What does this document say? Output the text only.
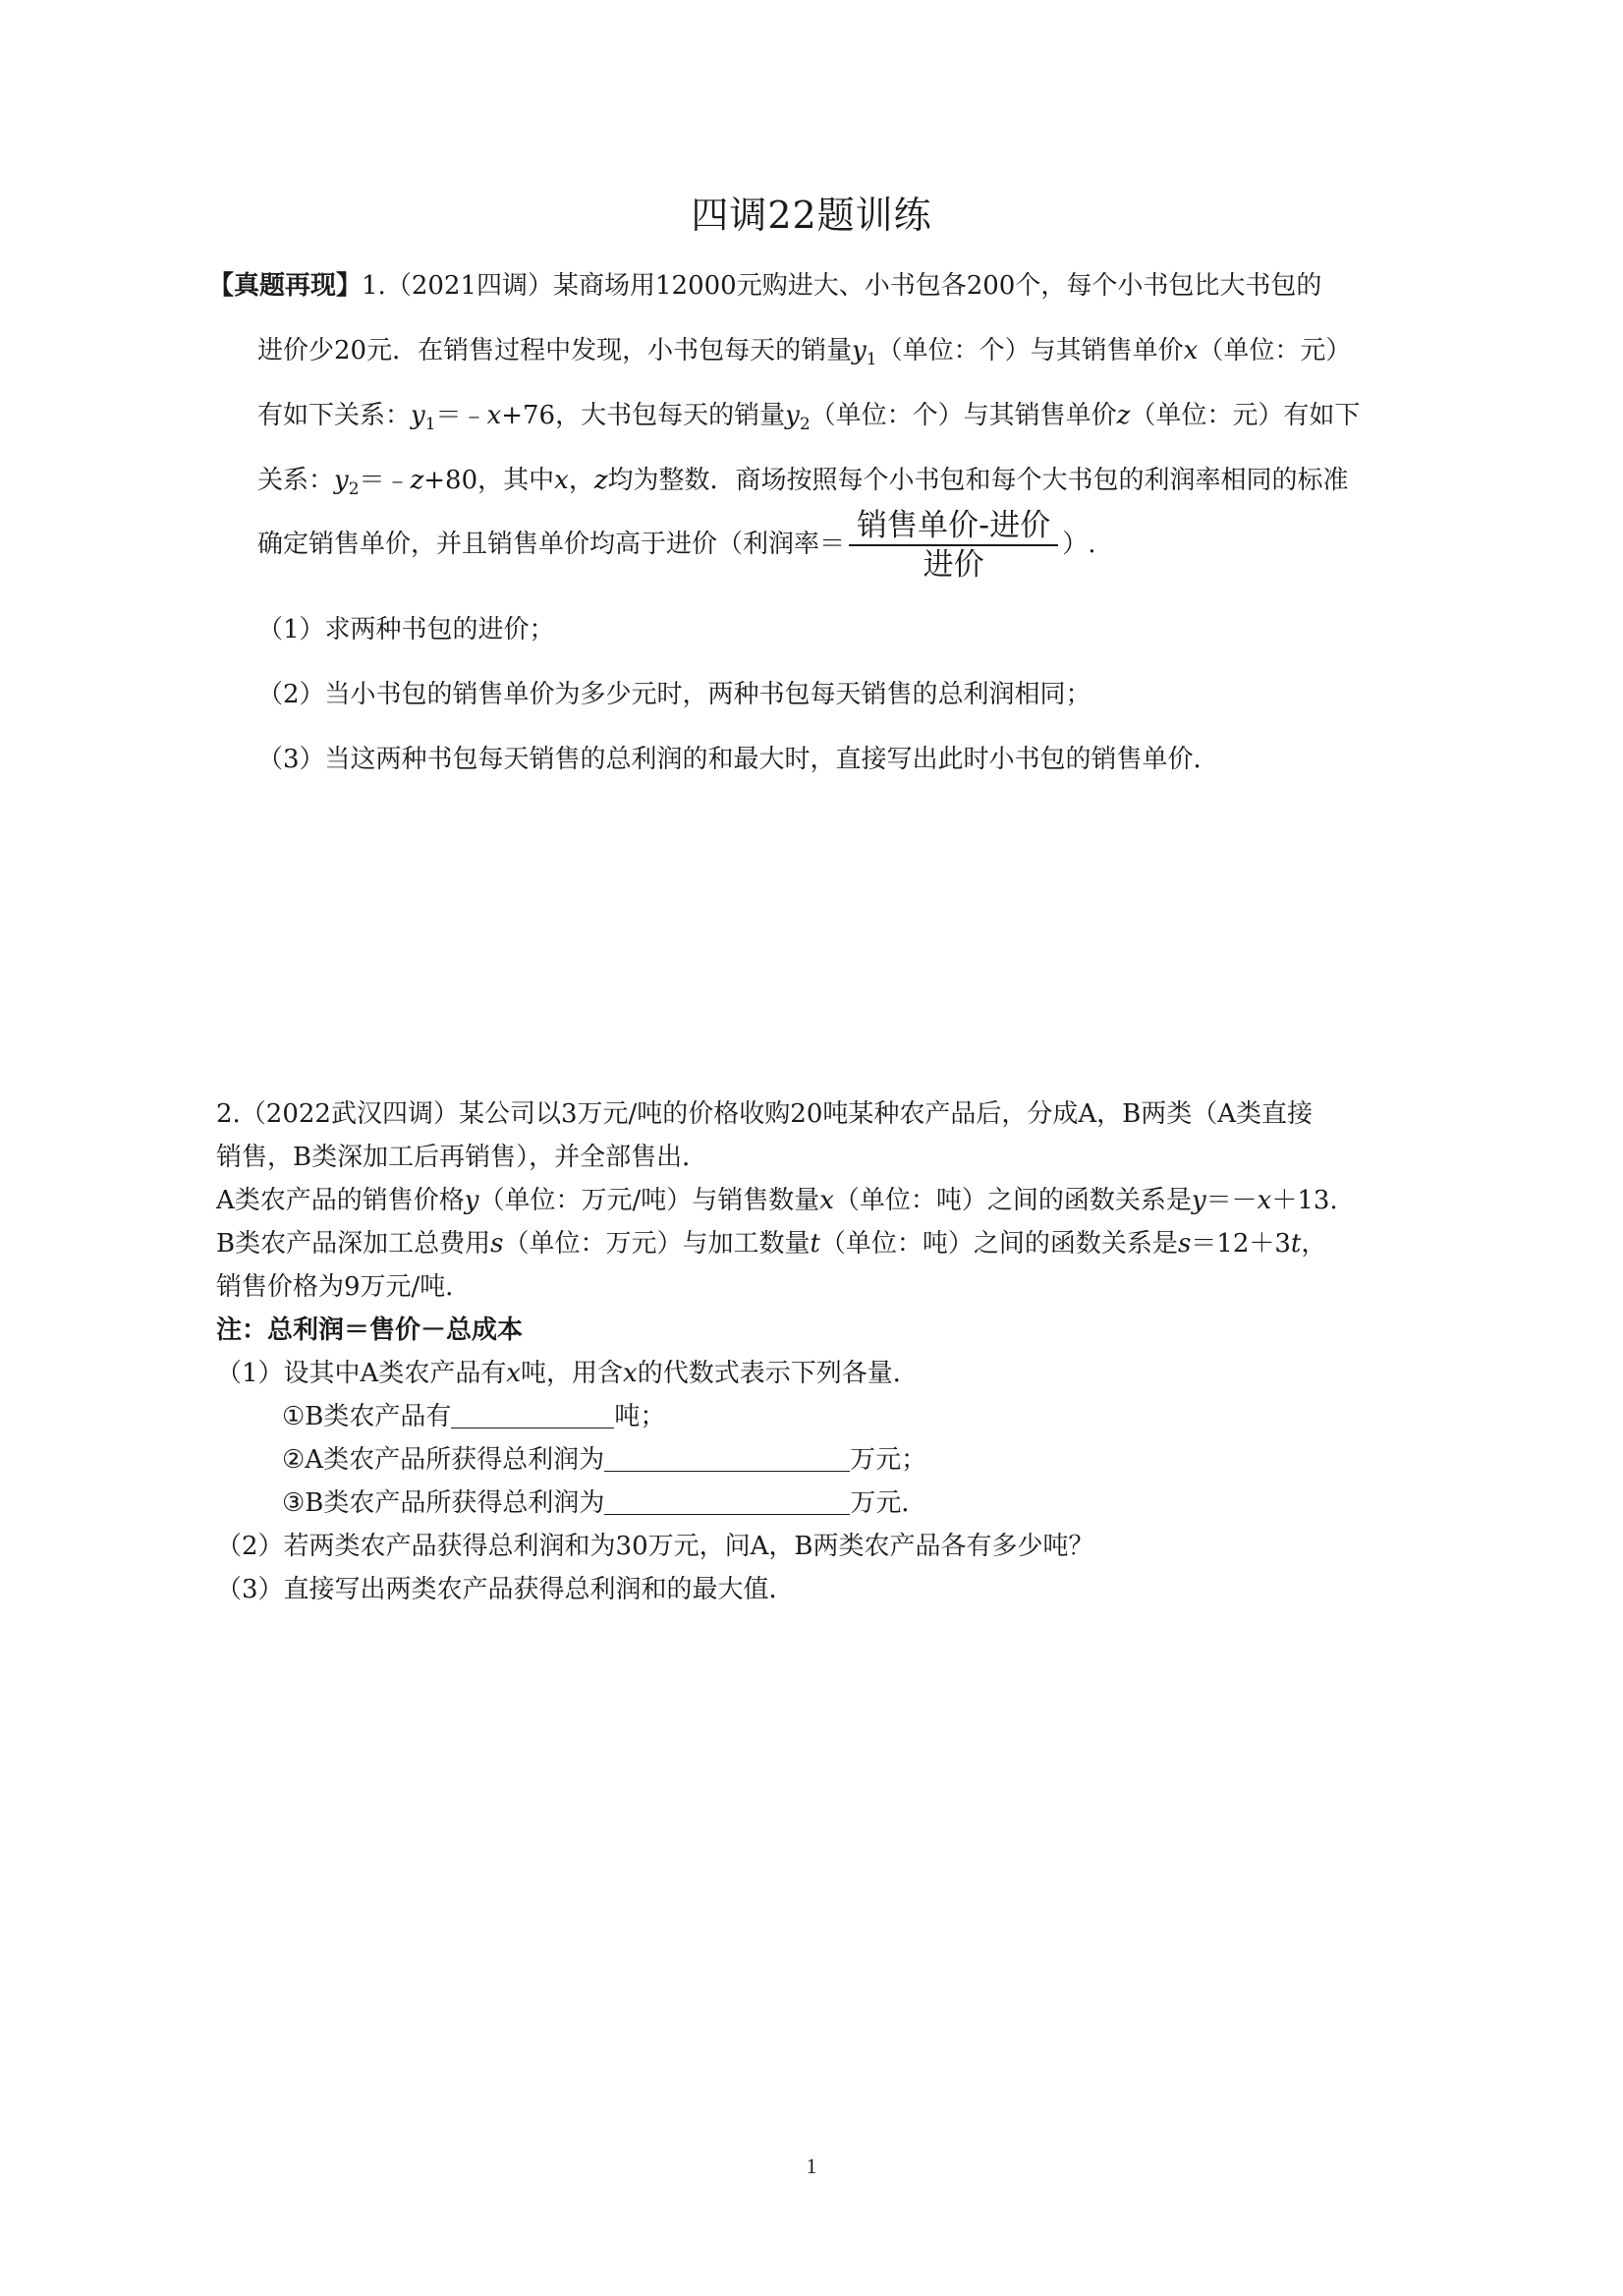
四调22题训练
【真题再现】1.（2021四调）某商场用12000元购进大、小书包各200个，每个小书包比大书包的
进价少20元．在销售过程中发现，小书包每天的销量$y_1$（单位：个）与其销售单价x（单位：元）
有如下关系：$y_1=﹣x+76$，大书包每天的销量$y_2$（单位：个）与其销售单价z（单位：元）有如下
关系：$y_2=﹣z+80$，其中x，z均为整数．商场按照每个小书包和每个大书包的利润率相同的标准
确定销售单价，并且销售单价均高于进价（利润率＝ $\frac{\text{销售单价-进价}}{\text{进价}}$ ）.
（1）求两种书包的进价；
（2）当小书包的销售单价为多少元时，两种书包每天销售的总利润相同；
（3）当这两种书包每天销售的总利润的和最大时，直接写出此时小书包的销售单价．
2.（2022武汉四调）某公司以3万元/吨的价格收购20吨某种农产品后，分成A，B两类（A类直接
销售，B类深加工后再销售），并全部售出．
A类农产品的销售价格y（单位：万元/吨）与销售数量x（单位：吨）之间的函数关系是y＝－x＋13.
B类农产品深加工总费用s（单位：万元）与加工数量t（单位：吨）之间的函数关系是s＝12＋3t，
销售价格为9万元/吨．
注：总利润＝售价－总成本
（1）设其中A类农产品有x吨，用含x的代数式表示下列各量．
①B类农产品有	吨；
②A类农产品所获得总利润为	万元；
③B类农产品所获得总利润为	万元．
（2）若两类农产品获得总利润和为30万元，问A，B两类农产品各有多少吨？
（3）直接写出两类农产品获得总利润和的最大值．
1
